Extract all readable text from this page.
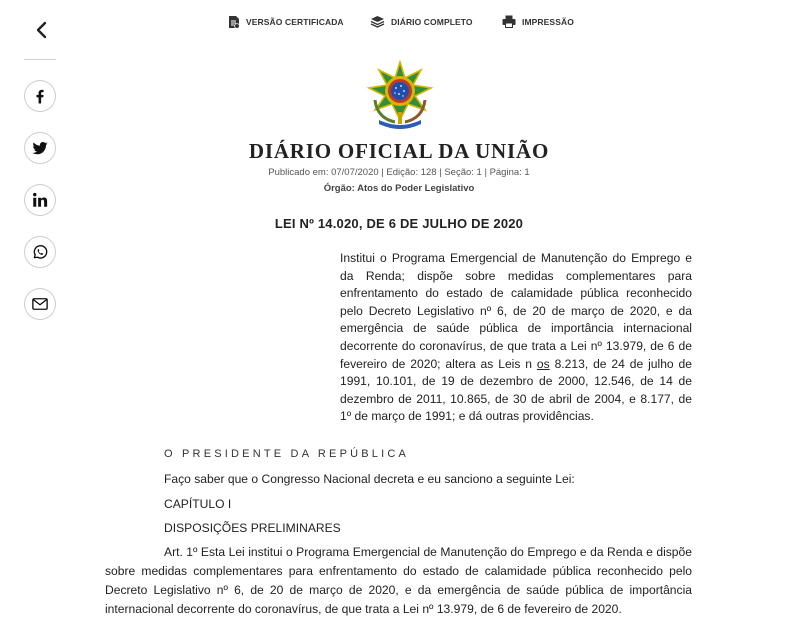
VERSÃO CERTIFICADA	DIÁRIO COMPLETO	IMPRESSÃO
DIÁRIO OFICIAL DA UNIÃO
Publicado em: 07/07/2020 | Edição: 128 | Seção: 1 | Página: 1
Órgão: Atos do Poder Legislativo
LEI Nº 14.020, DE 6 DE JULHO DE 2020
Institui o Programa Emergencial de Manutenção do Emprego e da Renda; dispõe sobre medidas complementares para enfrentamento do estado de calamidade pública reconhecido pelo Decreto Legislativo nº 6, de 20 de março de 2020, e da emergência de saúde pública de importância internacional decorrente do coronavírus, de que trata a Lei nº 13.979, de 6 de fevereiro de 2020; altera as Leis n os 8.213, de 24 de julho de 1991, 10.101, de 19 de dezembro de 2000, 12.546, de 14 de dezembro de 2011, 10.865, de 30 de abril de 2004, e 8.177, de 1º de março de 1991; e dá outras providências.
O PRESIDENTE DA REPÚBLICA
Faço saber que o Congresso Nacional decreta e eu sanciono a seguinte Lei:
CAPÍTULO I
DISPOSIÇÕES PRELIMINARES
Art. 1º Esta Lei institui o Programa Emergencial de Manutenção do Emprego e da Renda e dispõe sobre medidas complementares para enfrentamento do estado de calamidade pública reconhecido pelo Decreto Legislativo nº 6, de 20 de março de 2020, e da emergência de saúde pública de importância internacional decorrente do coronavírus, de que trata a Lei nº 13.979, de 6 de fevereiro de 2020.
